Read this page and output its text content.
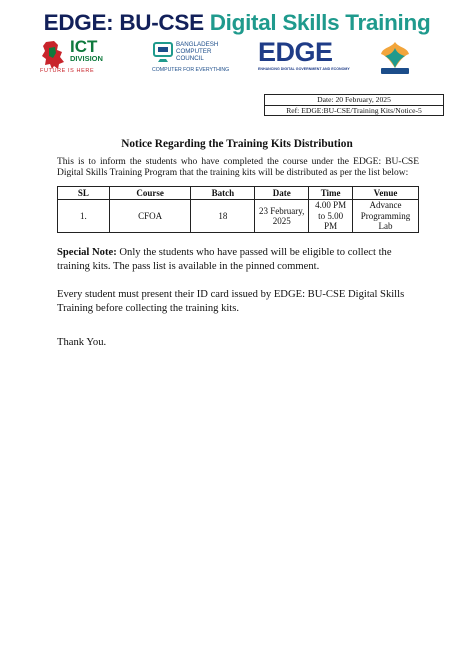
EDGE: BU-CSE Digital Skills Training
ICT
DIVISION
FUTURE IS HERE
BANGLADESH COMPUTER COUNCIL
COMPUTER FOR EVERYTHING
EDGE
ENHANCING DIGITAL GOVERNMENT AND ECONOMY
Date: 20 February, 2025
Ref: EDGE:BU-CSE/Training Kits/Notice-5
Notice Regarding the Training Kits Distribution
This is to inform the students who have completed the course under the EDGE: BU-CSE Digital Skills Training Program that the training kits will be distributed as per the list below:
SL	Course	Batch	Date	Time	Venue
1.	CFOA	18	23 February, 2025	4.00 PM to 5.00 PM	Advance Programming Lab
Special Note: Only the students who have passed will be eligible to collect the training kits. The pass list is available in the pinned comment.
Every student must present their ID card issued by EDGE: BU-CSE Digital Skills Training before collecting the training kits.
Thank You.
